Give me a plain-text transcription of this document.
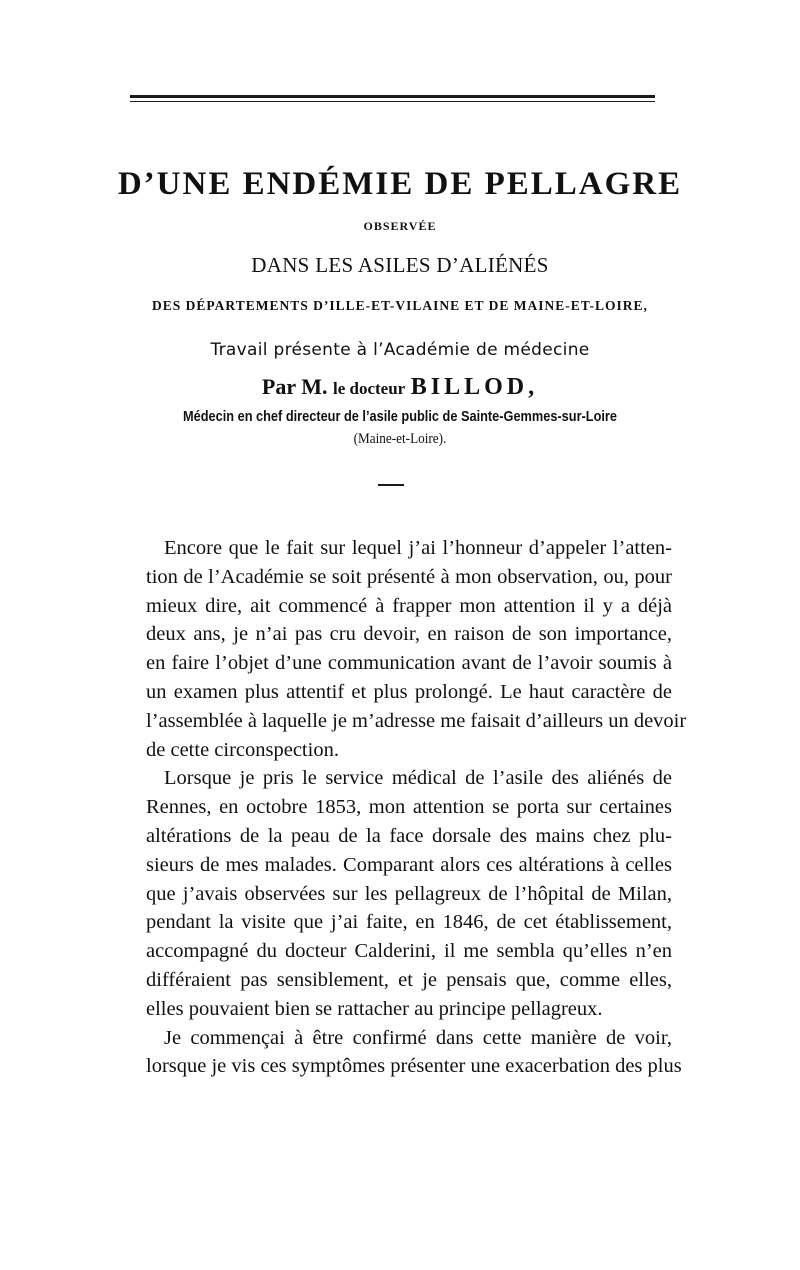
D’UNE ENDÉMIE DE PELLAGRE
OBSERVÉE
DANS LES ASILES D’ALIÉNÉS
DES DÉPARTEMENTS D’ILLE-ET-VILAINE ET DE MAINE-ET-LOIRE,
Travail présente à l’Académie de médecine
Par M. le docteur BILLOD,
Médecin en chef directeur de l’asile public de Sainte-Gemmes-sur-Loire
(Maine-et-Loire).

Encore que le fait sur lequel j’ai l’honneur d’appeler l’atten-
tion de l’Académie se soit présenté à mon observation, ou, pour
mieux dire, ait commencé à frapper mon attention il y a déjà
deux ans, je n’ai pas cru devoir, en raison de son importance,
en faire l’objet d’une communication avant de l’avoir soumis à
un examen plus attentif et plus prolongé. Le haut caractère de
l’assemblée à laquelle je m’adresse me faisait d’ailleurs un devoir
de cette circonspection.

Lorsque je pris le service médical de l’asile des aliénés de
Rennes, en octobre 1853, mon attention se porta sur certaines
altérations de la peau de la face dorsale des mains chez plu-
sieurs de mes malades. Comparant alors ces altérations à celles
que j’avais observées sur les pellagreux de l’hôpital de Milan,
pendant la visite que j’ai faite, en 1846, de cet établissement,
accompagné du docteur Calderini, il me sembla qu’elles n’en
différaient pas sensiblement, et je pensais que, comme elles,
elles pouvaient bien se rattacher au principe pellagreux.

Je commençai à être confirmé dans cette manière de voir,
lorsque je vis ces symptômes présenter une exacerbation des plus
